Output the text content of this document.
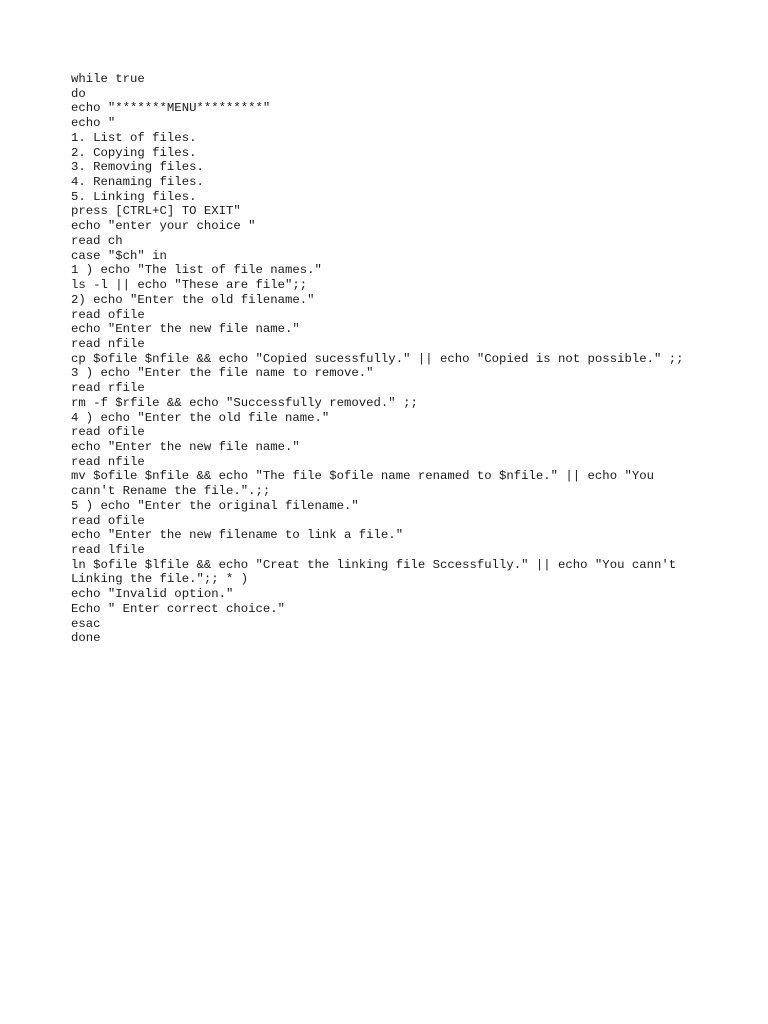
while true
do
echo "*******MENU*********"
echo "
1. List of files.
2. Copying files.
3. Removing files.
4. Renaming files.
5. Linking files.
press [CTRL+C] TO EXIT"
echo "enter your choice "
read ch
case "$ch" in
1 ) echo "The list of file names."
ls -l || echo "These are file";;
2) echo "Enter the old filename."
read ofile
echo "Enter the new file name."
read nfile
cp $ofile $nfile && echo "Copied sucessfully." || echo "Copied is not possible." ;;
3 ) echo "Enter the file name to remove."
read rfile
rm -f $rfile && echo "Successfully removed." ;;
4 ) echo "Enter the old file name."
read ofile
echo "Enter the new file name."
read nfile
mv $ofile $nfile && echo "The file $ofile name renamed to $nfile." || echo "You
cann't Rename the file.".;;
5 ) echo "Enter the original filename."
read ofile
echo "Enter the new filename to link a file."
read lfile
ln $ofile $lfile && echo "Creat the linking file Sccessfully." || echo "You cann't
Linking the file.";; * )
echo "Invalid option."
Echo " Enter correct choice."
esac
done
